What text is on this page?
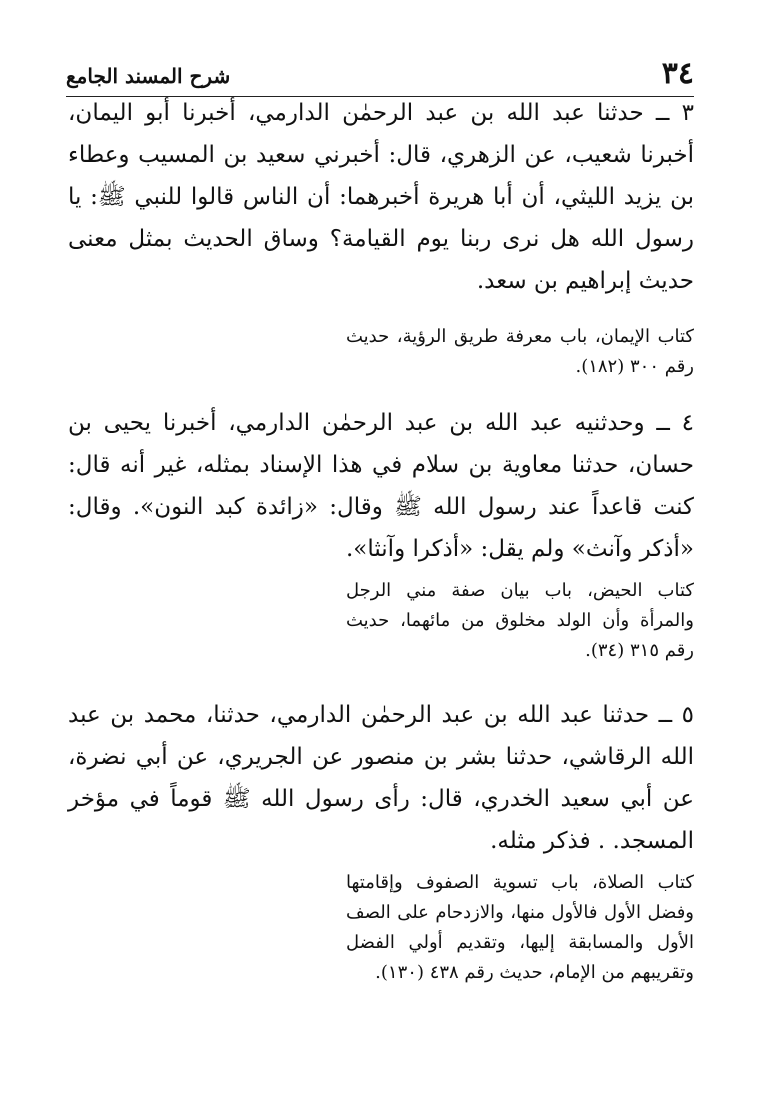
٣٤
شرح المسند الجامع

٣ ــ حدثنا عبد الله بن عبد الرحمٰن الدارمي، أخبرنا أبو اليمان، أخبرنا شعيب، عن الزهري، قال: أخبرني سعيد بن المسيب وعطاء بن يزيد الليثي، أن أبا هريرة أخبرهما: أن الناس قالوا للنبي ﷺ: يا رسول الله هل نرى ربنا يوم القيامة؟ وساق الحديث بمثل معنى حديث إبراهيم بن سعد.

كتاب الإيمان، باب معرفة طريق الرؤية، حديث رقم ٣٠٠ (١٨٢).

٤ ــ وحدثنيه عبد الله بن عبد الرحمٰن الدارمي، أخبرنا يحيى بن حسان، حدثنا معاوية بن سلام في هذا الإسناد بمثله، غير أنه قال: كنت قاعداً عند رسول الله ﷺ وقال: «زائدة كبد النون». وقال: «أذكر وآنث» ولم يقل: «أذكرا وآنثا».

كتاب الحيض، باب بيان صفة مني الرجل والمرأة وأن الولد مخلوق من مائهما، حديث رقم ٣١٥ (٣٤).

٥ ــ حدثنا عبد الله بن عبد الرحمٰن الدارمي، حدثنا، محمد بن عبد الله الرقاشي، حدثنا بشر بن منصور عن الجريري، عن أبي نضرة، عن أبي سعيد الخدري، قال: رأى رسول الله ﷺ قوماً في مؤخر المسجد. . فذكر مثله.

كتاب الصلاة، باب تسوية الصفوف وإقامتها وفضل الأول فالأول منها، والازدحام على الصف الأول والمسابقة إليها، وتقديم أولي الفضل وتقريبهم من الإمام، حديث رقم ٤٣٨ (١٣٠).
